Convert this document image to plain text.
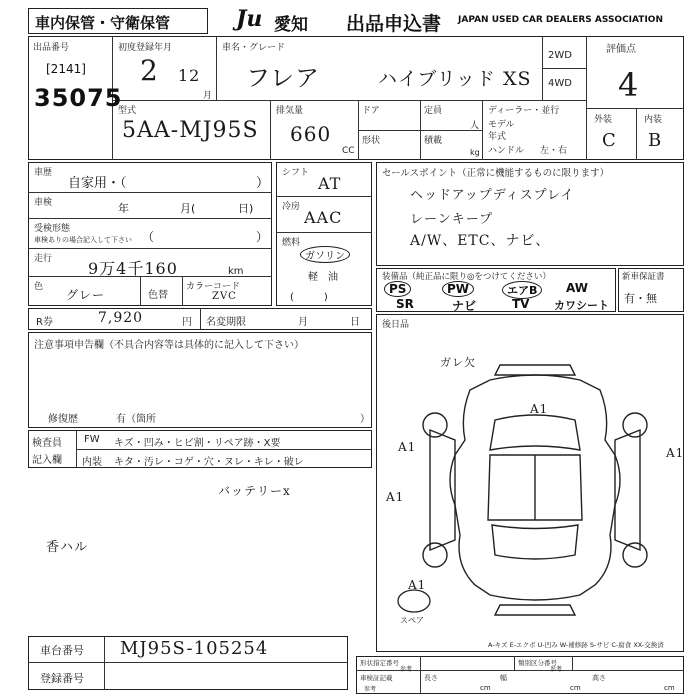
車内保管・守衛保管	Ju 愛知 出品申込書 JAPAN USED CAR DEALERS ASSOCIATION
出品番号
[2141]
35075
初度登録年月
2 12
月
車名・グレード
フレア	ハイブリッド XS
2WD
4WD
評価点
4
型式
5AA-MJ95S
排気量
660
CC
ドア
形状
定員
人
積載
kg
ディーラー・並行
モデル
年式
ハンドル 左・右
外装	内装
C B
車歴
自家用・（	）
車検	年	月(	日)
受検形態
車検ありの場合記入して下さい （	）
走行 9万4千160	km
色
グレー	色替
カラーコード
ZVC
シフト
AT
冷房
AAC
燃料
ガソリン
軽　油
(　　　)
セールスポイント（正常に機能するものに限ります）
ヘッドアップディスプレイ
レーンキープ
A/W、ETC、ナビ、
装備品（純正品に限り◎をつけてください）
PS	PW	エアB	AW
SR	ナビ	TV カワシート
新車保証書
有・無
R券	7,920	円 名変期限	月	日
注意事項申告欄（不具合内容等は具体的に記入して下さい）
修復歴	有（箇所	）
検査員
記入欄
FW キズ・凹み・ヒビ割・リペア跡・X要
内装 キタ・汚レ・コゲ・穴・ヌレ・キレ・破レ
後日品
ガレ欠
A1
A1	A1
A1
A1
スペア
A-キズ E-エクボ U-凹み W-補修跡 S-サビ C-腐食 XX-交換済
バッテリーx
香ハル
車台番号 MJ95S-105254
登録番号
形状指定番号
参考
類別区分番号
参考
車検証記載
参考
長さ
cm
幅
cm
高さ
cm
